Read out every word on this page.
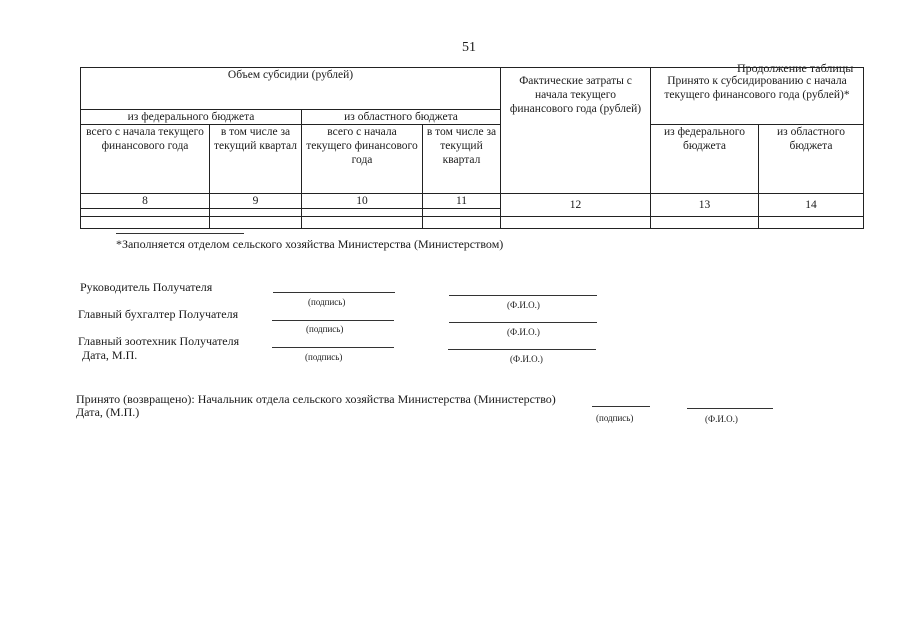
51
Продолжение таблицы
Объем субсидии (рублей)				Фактические затраты с начала текущего финансового года (рублей)	Принято к субсидированию с начала текущего финансового года (рублей)*	
из федерального бюджета		из областного бюджета				
всего с начала текущего финансового года	в том числе за текущий квартал	всего с начала текущего финансового года	в том числе за текущий квартал		из федерального бюджета	из областного бюджета
8	9	10	11	12	13	14

*Заполняется отделом сельского хозяйства Министерства (Министерством)
Руководитель Получателя
Главный бухгалтер Получателя
Главный зоотехник Получателя
Дата, М.П.
(подпись)
(подпись)
(подпись)
(Ф.И.О.)
(Ф.И.О.)
(Ф.И.О.)
Принято (возвращено): Начальник отдела сельского хозяйства Министерства (Министерство)
Дата, (М.П.)	(подпись)	(Ф.И.О.)
